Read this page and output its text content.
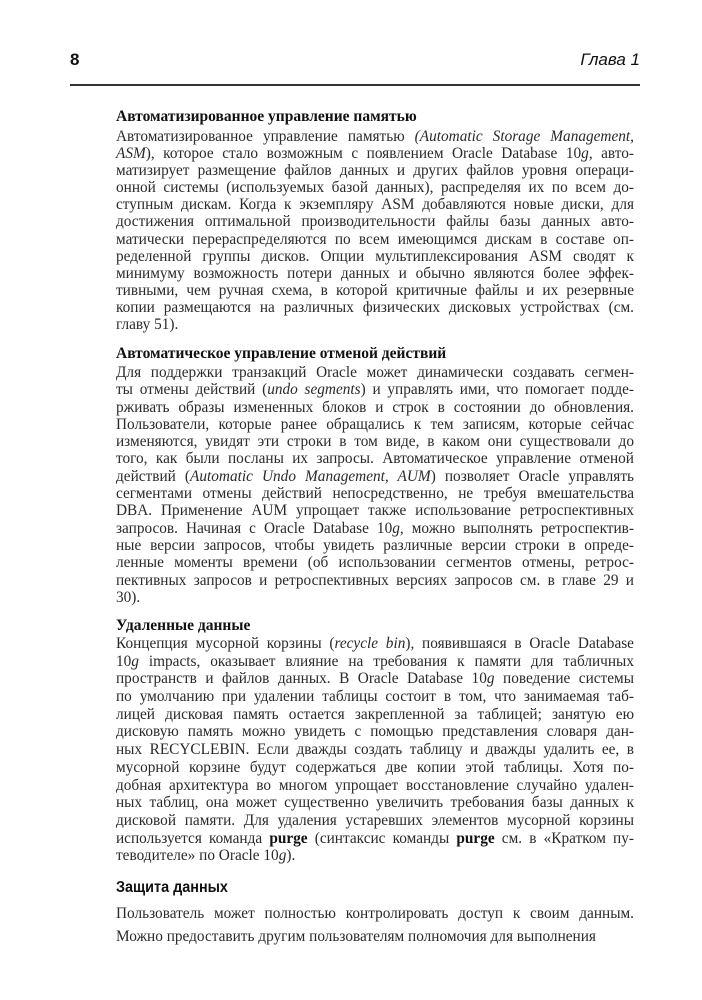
8	Глава 1
Автоматизированное управление памятью
Автоматизированное управление памятью (Automatic Storage Management,
ASM), которое стало возможным с появлением Oracle Database 10g, авто-
матизирует размещение файлов данных и других файлов уровня операци-
онной системы (используемых базой данных), распределяя их по всем до-
ступным дискам. Когда к экземпляру ASM добавляются новые диски, для
достижения оптимальной производительности файлы базы данных авто-
матически перераспределяются по всем имеющимся дискам в составе оп-
ределенной группы дисков. Опции мультиплексирования ASM сводят к
минимуму возможность потери данных и обычно являются более эффек-
тивными, чем ручная схема, в которой критичные файлы и их резервные
копии размещаются на различных физических дисковых устройствах (см.
главу 51).
Автоматическое управление отменой действий
Для поддержки транзакций Oracle может динамически создавать сегмен-
ты отмены действий (undo segments) и управлять ими, что помогает подде-
рживать образы измененных блоков и строк в состоянии до обновления.
Пользователи, которые ранее обращались к тем записям, которые сейчас
изменяются, увидят эти строки в том виде, в каком они существовали до
того, как были посланы их запросы. Автоматическое управление отменой
действий (Automatic Undo Management, AUM) позволяет Oracle управлять
сегментами отмены действий непосредственно, не требуя вмешательства
DBA. Применение AUM упрощает также использование ретроспективных
запросов. Начиная с Oracle Database 10g, можно выполнять ретроспектив-
ные версии запросов, чтобы увидеть различные версии строки в опреде-
ленные моменты времени (об использовании сегментов отмены, ретрос-
пективных запросов и ретроспективных версиях запросов см. в главе 29 и
30).
Удаленные данные
Концепция мусорной корзины (recycle bin), появившаяся в Oracle Database
10g impacts, оказывает влияние на требования к памяти для табличных
пространств и файлов данных. В Oracle Database 10g поведение системы
по умолчанию при удалении таблицы состоит в том, что занимаемая таб-
лицей дисковая память остается закрепленной за таблицей; занятую ею
дисковую память можно увидеть с помощью представления словаря дан-
ных RECYCLEBIN. Если дважды создать таблицу и дважды удалить ее, в
мусорной корзине будут содержаться две копии этой таблицы. Хотя по-
добная архитектура во многом упрощает восстановление случайно удален-
ных таблиц, она может существенно увеличить требования базы данных к
дисковой памяти. Для удаления устаревших элементов мусорной корзины
используется команда purge (синтаксис команды purge см. в «Кратком пу-
теводителе» по Oracle 10g).
Защита данных
Пользователь может полностью контролировать доступ к своим данным.
Можно предоставить другим пользователям полномочия для выполнения
